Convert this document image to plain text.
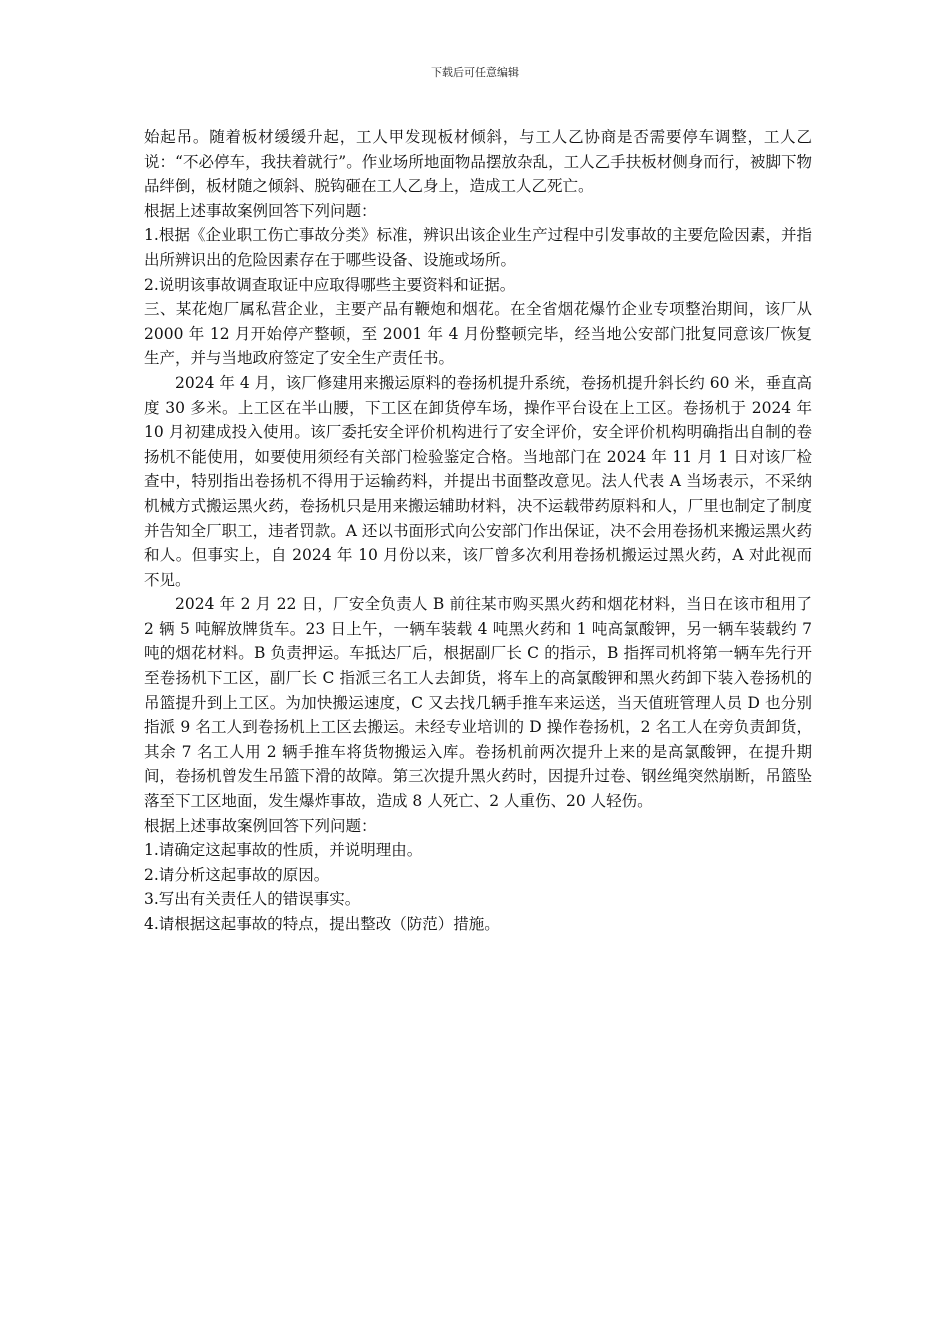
下载后可任意编辑

始起吊。随着板材缓缓升起，工人甲发现板材倾斜，与工人乙协商是否需要停车调整，工人乙说：“不必停车，我扶着就行”。作业场所地面物品摆放杂乱，工人乙手扶板材侧身而行，被脚下物品绊倒，板材随之倾斜、脱钩砸在工人乙身上，造成工人乙死亡。

根据上述事故案例回答下列问题：

1.根据《企业职工伤亡事故分类》标准，辨识出该企业生产过程中引发事故的主要危险因素，并指出所辨识出的危险因素存在于哪些设备、设施或场所。

2.说明该事故调查取证中应取得哪些主要资料和证据。

三、某花炮厂属私营企业，主要产品有鞭炮和烟花。在全省烟花爆竹企业专项整治期间，该厂从 2000 年 12 月开始停产整顿，至 2001 年 4 月份整顿完毕，经当地公安部门批复同意该厂恢复生产，并与当地政府签定了安全生产责任书。

2024 年 4 月，该厂修建用来搬运原料的卷扬机提升系统，卷扬机提升斜长约 60 米，垂直高度 30 多米。上工区在半山腰，下工区在卸货停车场，操作平台设在上工区。卷扬机于 2024 年 10 月初建成投入使用。该厂委托安全评价机构进行了安全评价，安全评价机构明确指出自制的卷扬机不能使用，如要使用须经有关部门检验鉴定合格。当地部门在 2024 年 11 月 1 日对该厂检查中，特别指出卷扬机不得用于运输药料，并提出书面整改意见。法人代表 A 当场表示，不采纳机械方式搬运黑火药，卷扬机只是用来搬运辅助材料，决不运载带药原料和人，厂里也制定了制度并告知全厂职工，违者罚款。A 还以书面形式向公安部门作出保证，决不会用卷扬机来搬运黑火药和人。但事实上，自 2024 年 10 月份以来，该厂曾多次利用卷扬机搬运过黑火药，A 对此视而不见。

2024 年 2 月 22 日，厂安全负责人 B 前往某市购买黑火药和烟花材料，当日在该市租用了 2 辆 5 吨解放牌货车。23 日上午，一辆车装载 4 吨黑火药和 1 吨高氯酸钾，另一辆车装载约 7 吨的烟花材料。B 负责押运。车抵达厂后，根据副厂长 C 的指示，B 指挥司机将第一辆车先行开至卷扬机下工区，副厂长 C 指派三名工人去卸货，将车上的高氯酸钾和黑火药卸下装入卷扬机的吊篮提升到上工区。为加快搬运速度，C 又去找几辆手推车来运送，当天值班管理人员 D 也分别指派 9 名工人到卷扬机上工区去搬运。未经专业培训的 D 操作卷扬机，2 名工人在旁负责卸货，其余 7 名工人用 2 辆手推车将货物搬运入库。卷扬机前两次提升上来的是高氯酸钾，在提升期间，卷扬机曾发生吊篮下滑的故障。第三次提升黑火药时，因提升过卷、钢丝绳突然崩断，吊篮坠落至下工区地面，发生爆炸事故，造成 8 人死亡、2 人重伤、20 人轻伤。

根据上述事故案例回答下列问题：

1.请确定这起事故的性质，并说明理由。

2.请分析这起事故的原因。

3.写出有关责任人的错误事实。

4.请根据这起事故的特点，提出整改（防范）措施。
